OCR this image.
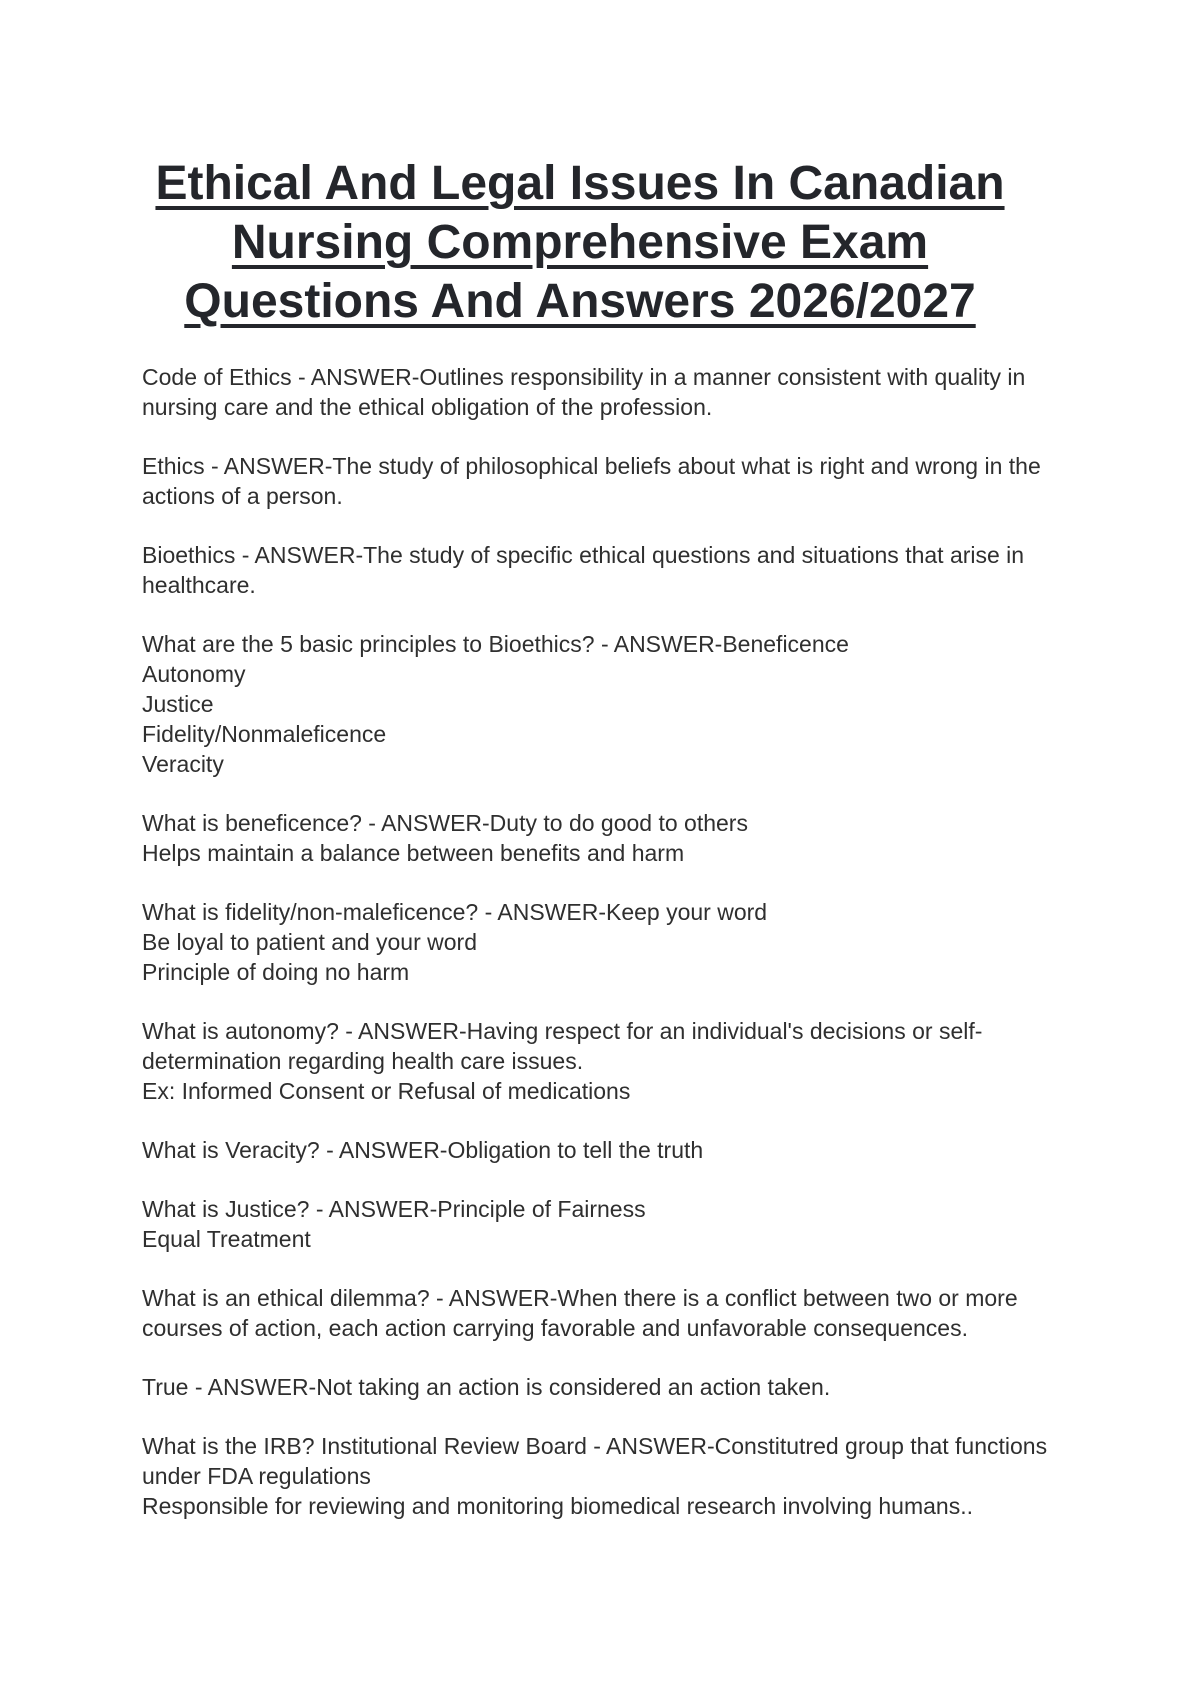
Ethical And Legal Issues In Canadian
Nursing Comprehensive Exam
Questions And Answers 2026/2027

Code of Ethics - ANSWER-Outlines responsibility in a manner consistent with quality in nursing care and the ethical obligation of the profession.

Ethics - ANSWER-The study of philosophical beliefs about what is right and wrong in the actions of a person.

Bioethics - ANSWER-The study of specific ethical questions and situations that arise in healthcare.

What are the 5 basic principles to Bioethics? - ANSWER-Beneficence
Autonomy
Justice
Fidelity/Nonmaleficence
Veracity

What is beneficence? - ANSWER-Duty to do good to others
Helps maintain a balance between benefits and harm

What is fidelity/non-maleficence? - ANSWER-Keep your word
Be loyal to patient and your word
Principle of doing no harm

What is autonomy? - ANSWER-Having respect for an individual's decisions or self-determination regarding health care issues.
Ex: Informed Consent or Refusal of medications

What is Veracity? - ANSWER-Obligation to tell the truth

What is Justice? - ANSWER-Principle of Fairness
Equal Treatment

What is an ethical dilemma? - ANSWER-When there is a conflict between two or more courses of action, each action carrying favorable and unfavorable consequences.

True - ANSWER-Not taking an action is considered an action taken.

What is the IRB? Institutional Review Board - ANSWER-Constitutred group that functions under FDA regulations
Responsible for reviewing and monitoring biomedical research involving humans..
